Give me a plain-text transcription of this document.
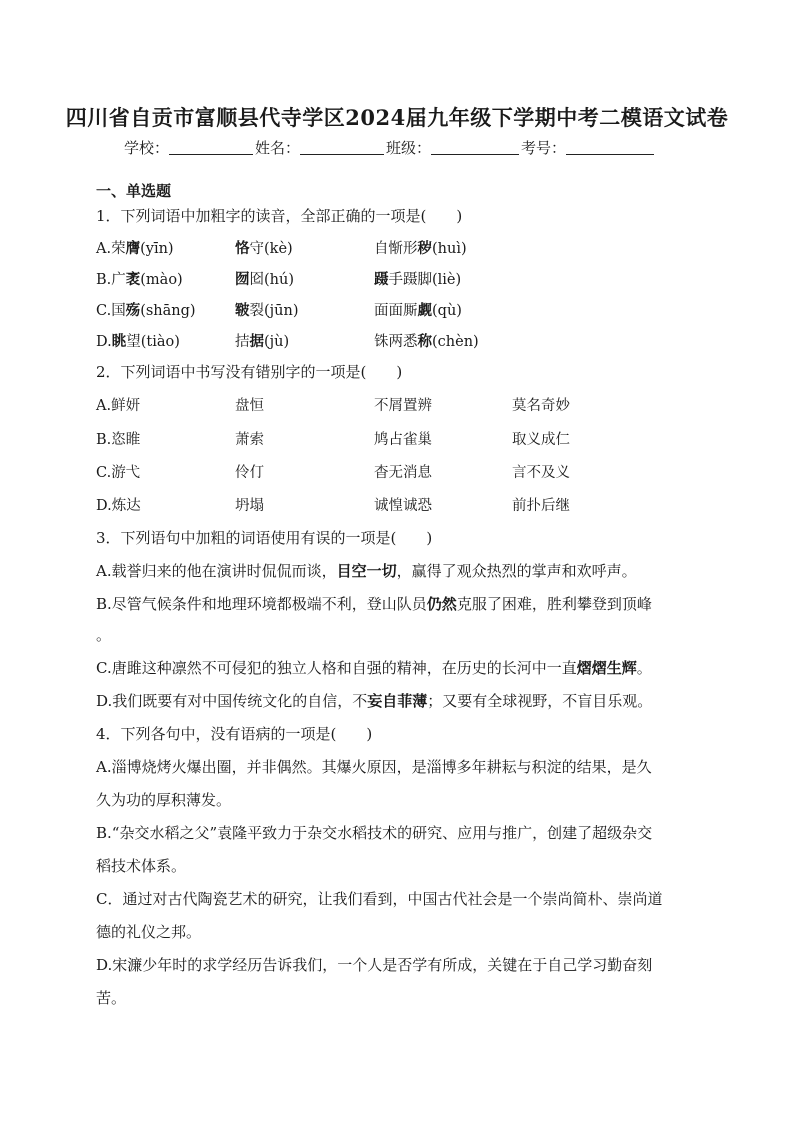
四川省自贡市富顺县代寺学区2024届九年级下学期中考二模语文试卷
学校：	姓名：	班级：	考号：
一、单选题
1．下列词语中加粗字的读音，全部正确的一项是(　　)
A.荣膺(yīn)	恪守(kè)	自惭形秽(huì)
B.广袤(mào)	囫囵(hú)	蹑手蹑脚(liè)
C.国殇(shāng)	皲裂(jūn)	面面厮觑(qù)
D.眺望(tiào)	拮据(jù)	铢两悉称(chèn)
2．下列词语中书写没有错别字的一项是(　　)
A.鲜妍	盘恒	不屑置辨	莫名奇妙
B.恣睢	萧索	鸠占雀巢	取义成仁
C.游弋	伶仃	杳无消息	言不及义
D.炼达	坍塌	诚惶诚恐	前扑后继
3．下列语句中加粗的词语使用有误的一项是(　　)
A.载誉归来的他在演讲时侃侃而谈，目空一切，赢得了观众热烈的掌声和欢呼声。
B.尽管气候条件和地理环境都极端不利，登山队员仍然克服了困难，胜利攀登到顶峰
。
C.唐雎这种凛然不可侵犯的独立人格和自强的精神，在历史的长河中一直熠熠生辉。
D.我们既要有对中国传统文化的自信，不妄自菲薄；又要有全球视野，不盲目乐观。
4．下列各句中，没有语病的一项是(　　)
A.淄博烧烤火爆出圈，并非偶然。其爆火原因，是淄博多年耕耘与积淀的结果，是久
久为功的厚积薄发。
B.“杂交水稻之父”袁隆平致力于杂交水稻技术的研究、应用与推广，创建了超级杂交
稻技术体系。
C．通过对古代陶瓷艺术的研究，让我们看到，中国古代社会是一个崇尚简朴、崇尚道
德的礼仪之邦。
D.宋濂少年时的求学经历告诉我们，一个人是否学有所成，关键在于自己学习勤奋刻
苦。
